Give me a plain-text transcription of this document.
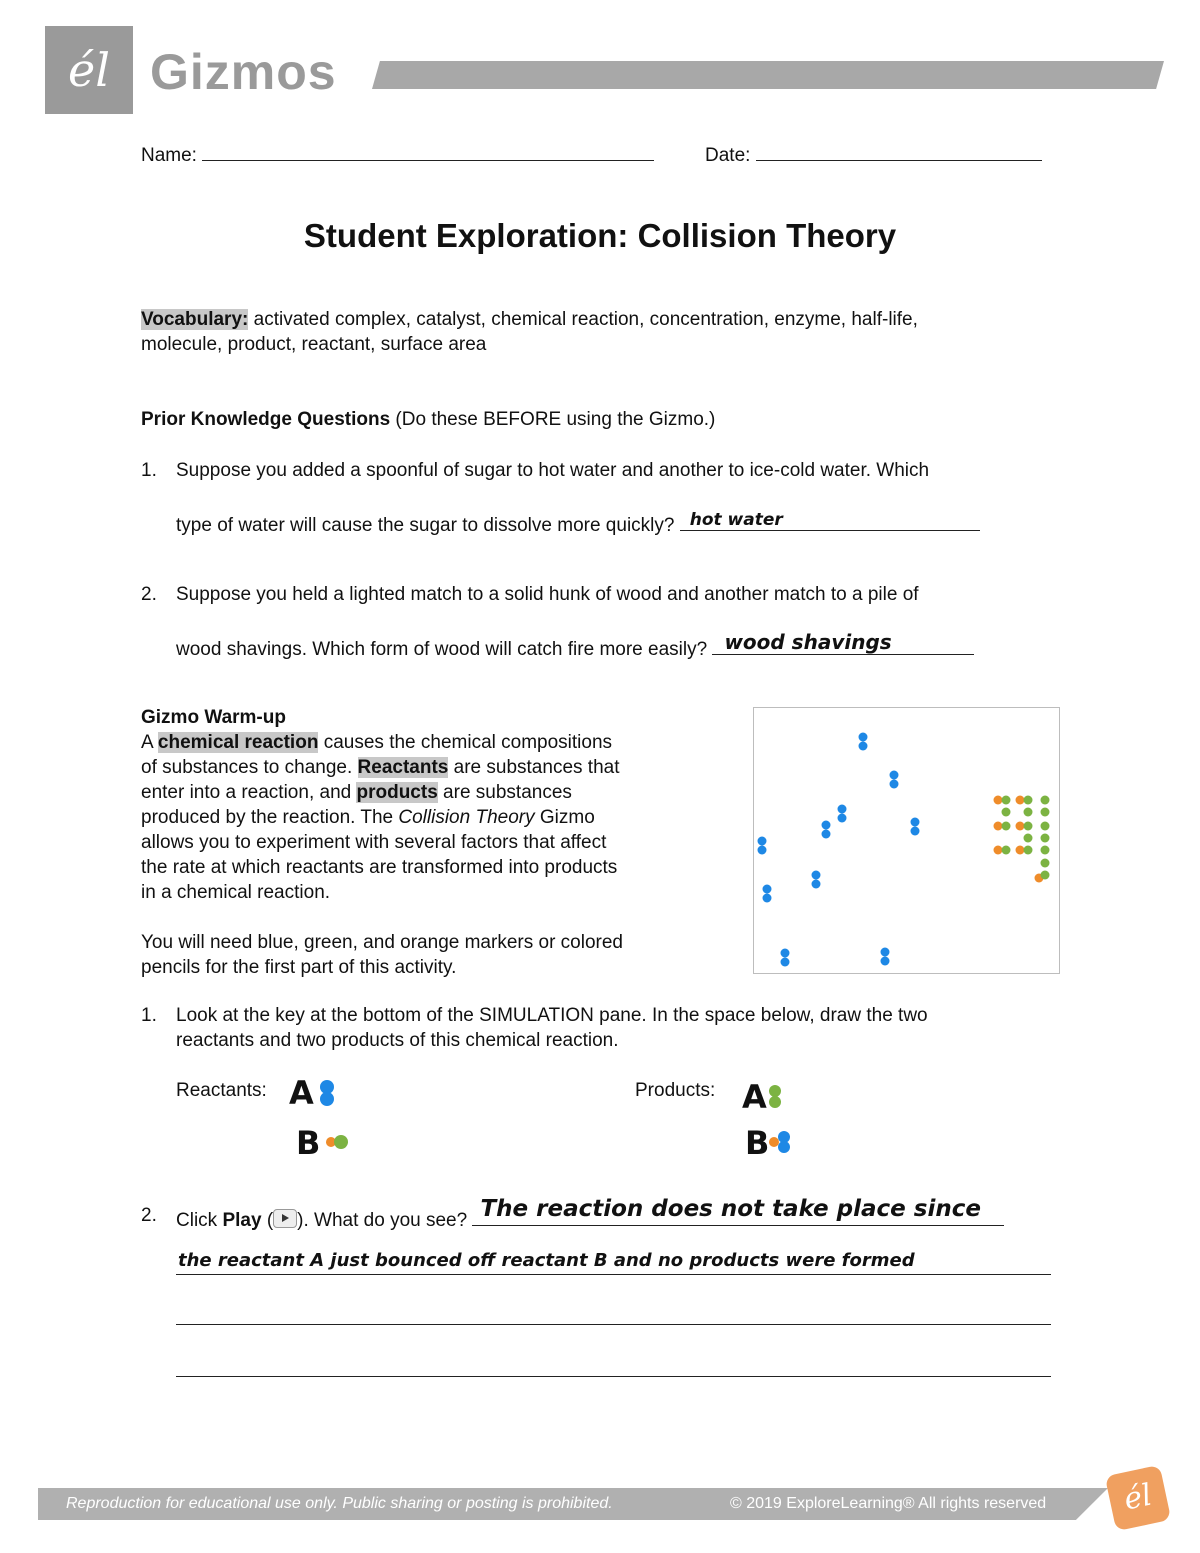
él Gizmos
Name:	Date:
Student Exploration: Collision Theory
Vocabulary: activated complex, catalyst, chemical reaction, concentration, enzyme, half-life,
molecule, product, reactant, surface area
Prior Knowledge Questions (Do these BEFORE using the Gizmo.)
1. Suppose you added a spoonful of sugar to hot water and another to ice-cold water. Which
type of water will cause the sugar to dissolve more quickly? hot water
2. Suppose you held a lighted match to a solid hunk of wood and another match to a pile of
wood shavings. Which form of wood will catch fire more easily? wood shavings
Gizmo Warm-up
A chemical reaction causes the chemical compositions
of substances to change. Reactants are substances that
enter into a reaction, and products are substances
produced by the reaction. The Collision Theory Gizmo
allows you to experiment with several factors that affect
the rate at which reactants are transformed into products
in a chemical reaction.
You will need blue, green, and orange markers or colored
pencils for the first part of this activity.
1. Look at the key at the bottom of the SIMULATION pane. In the space below, draw the two
reactants and two products of this chemical reaction.
Reactants:	Products:
A
B
A
B
2. Click Play ( ). What do you see? The reaction does not take place since
the reactant A just bounced off reactant B and no products were formed
Reproduction for educational use only. Public sharing or posting is prohibited.	© 2019 ExploreLearning® All rights reserved	él
